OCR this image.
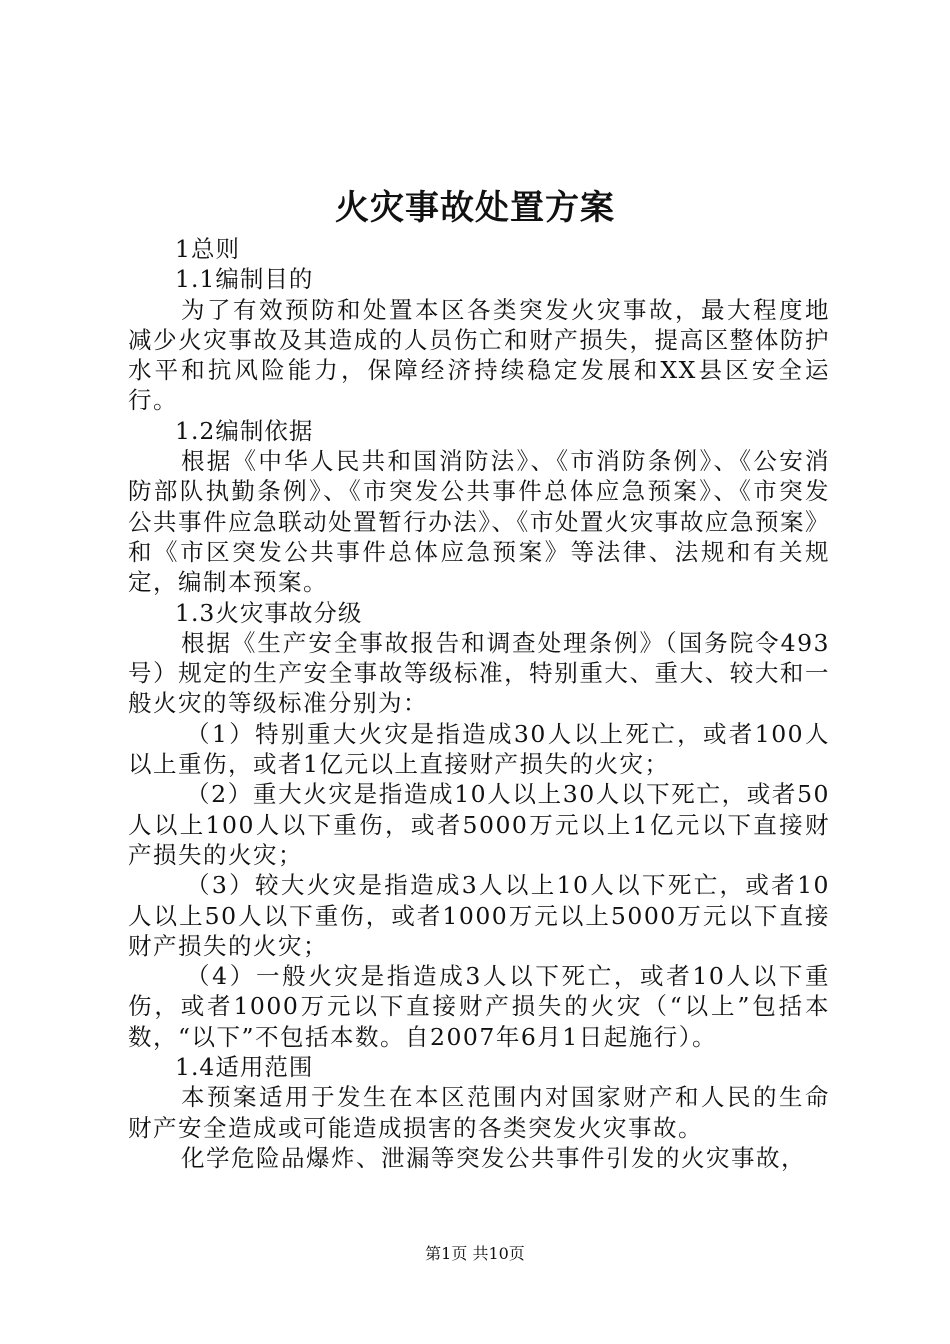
火灾事故处置方案

1总则

1.1编制目的

为了有效预防和处置本区各类突发火灾事故，最大程度地减少火灾事故及其造成的人员伤亡和财产损失，提高区整体防护水平和抗风险能力，保障经济持续稳定发展和XX县区安全运行。

1.2编制依据

根据《中华人民共和国消防法》、《市消防条例》、《公安消防部队执勤条例》、《市突发公共事件总体应急预案》、《市突发公共事件应急联动处置暂行办法》、《市处置火灾事故应急预案》和《市区突发公共事件总体应急预案》等法律、法规和有关规定，编制本预案。

1.3火灾事故分级

根据《生产安全事故报告和调查处理条例》（国务院令493号）规定的生产安全事故等级标准，特别重大、重大、较大和一般火灾的等级标准分别为：

（1）特别重大火灾是指造成30人以上死亡，或者100人以上重伤，或者1亿元以上直接财产损失的火灾；

（2）重大火灾是指造成10人以上30人以下死亡，或者50人以上100人以下重伤，或者5000万元以上1亿元以下直接财产损失的火灾；

（3）较大火灾是指造成3人以上10人以下死亡，或者10人以上50人以下重伤，或者1000万元以上5000万元以下直接财产损失的火灾；

（4）一般火灾是指造成3人以下死亡，或者10人以下重伤，或者1000万元以下直接财产损失的火灾（“以上”包括本数，“以下”不包括本数。自2007年6月1日起施行）。

1.4适用范围

本预案适用于发生在本区范围内对国家财产和人民的生命财产安全造成或可能造成损害的各类突发火灾事故。

化学危险品爆炸、泄漏等突发公共事件引发的火灾事故，

第1页 共10页
